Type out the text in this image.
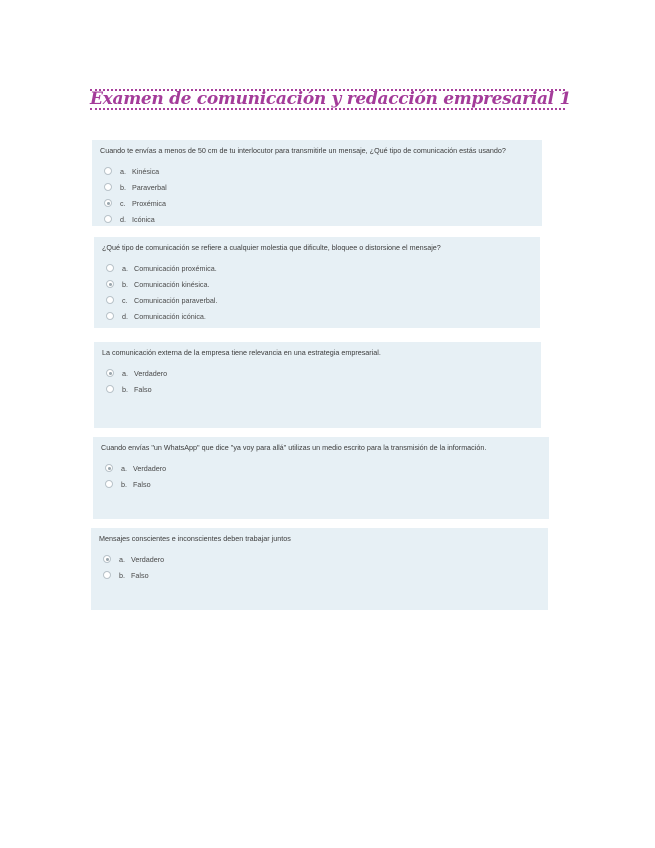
Examen de comunicación y redacción empresarial 1
Cuando te envías a menos de 50 cm de tu interlocutor para transmitirle un mensaje, ¿Qué tipo de comunicación estás usando?
a. Kinésica
b. Paraverbal
c. Proxémica
d. Icónica
¿Qué tipo de comunicación se refiere a cualquier molestia que dificulte, bloquee o distorsione el mensaje?
a. Comunicación proxémica.
b. Comunicación kinésica.
c. Comunicación paraverbal.
d. Comunicación icónica.
La comunicación externa de la empresa tiene relevancia en una estrategia empresarial.
a. Verdadero
b. Falso
Cuando envías "un WhatsApp" que dice "ya voy para allá" utilizas un medio escrito para la transmisión de la información.
a. Verdadero
b. Falso
Mensajes conscientes e inconscientes deben trabajar juntos
a. Verdadero
b. Falso
